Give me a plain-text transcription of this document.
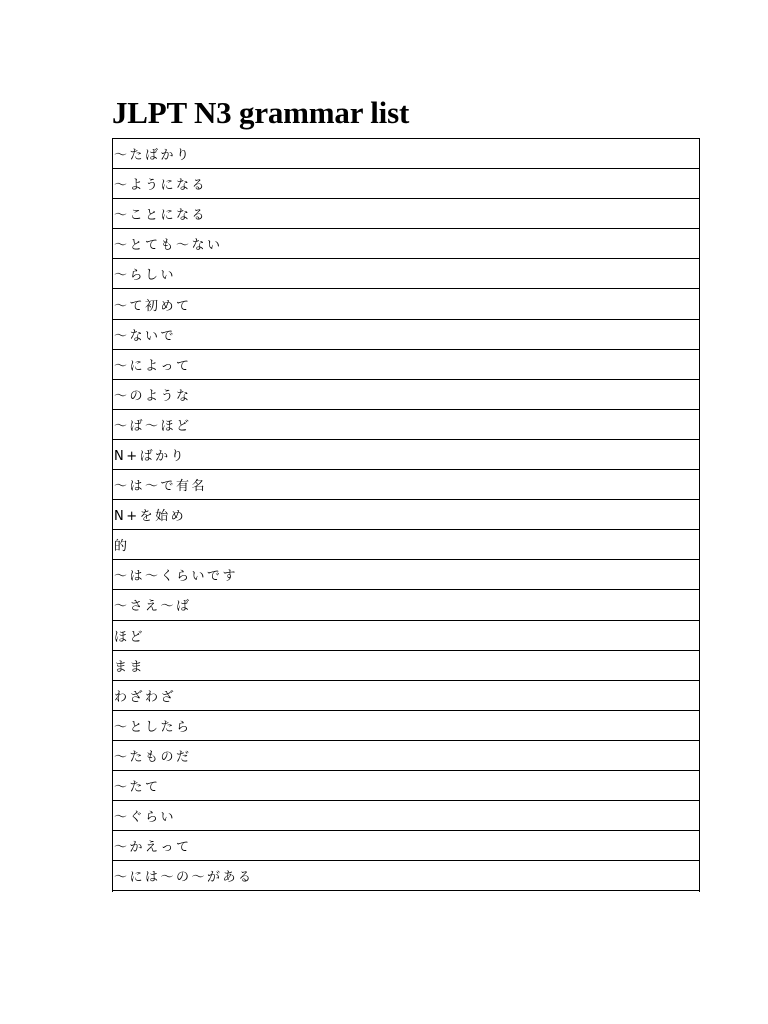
JLPT N3 grammar list
～たばかり
～ようになる
～ことになる
～とても～ない
～らしい
～て初めて
～ないで
～によって
～のような
～ば～ほど
N+ばかり
～は～で有名
N+を始め
的
～は～くらいです
～さえ～ば
ほど
まま
わざわざ
～としたら
～たものだ
～たて
～ぐらい
～かえって
～には～の～がある
